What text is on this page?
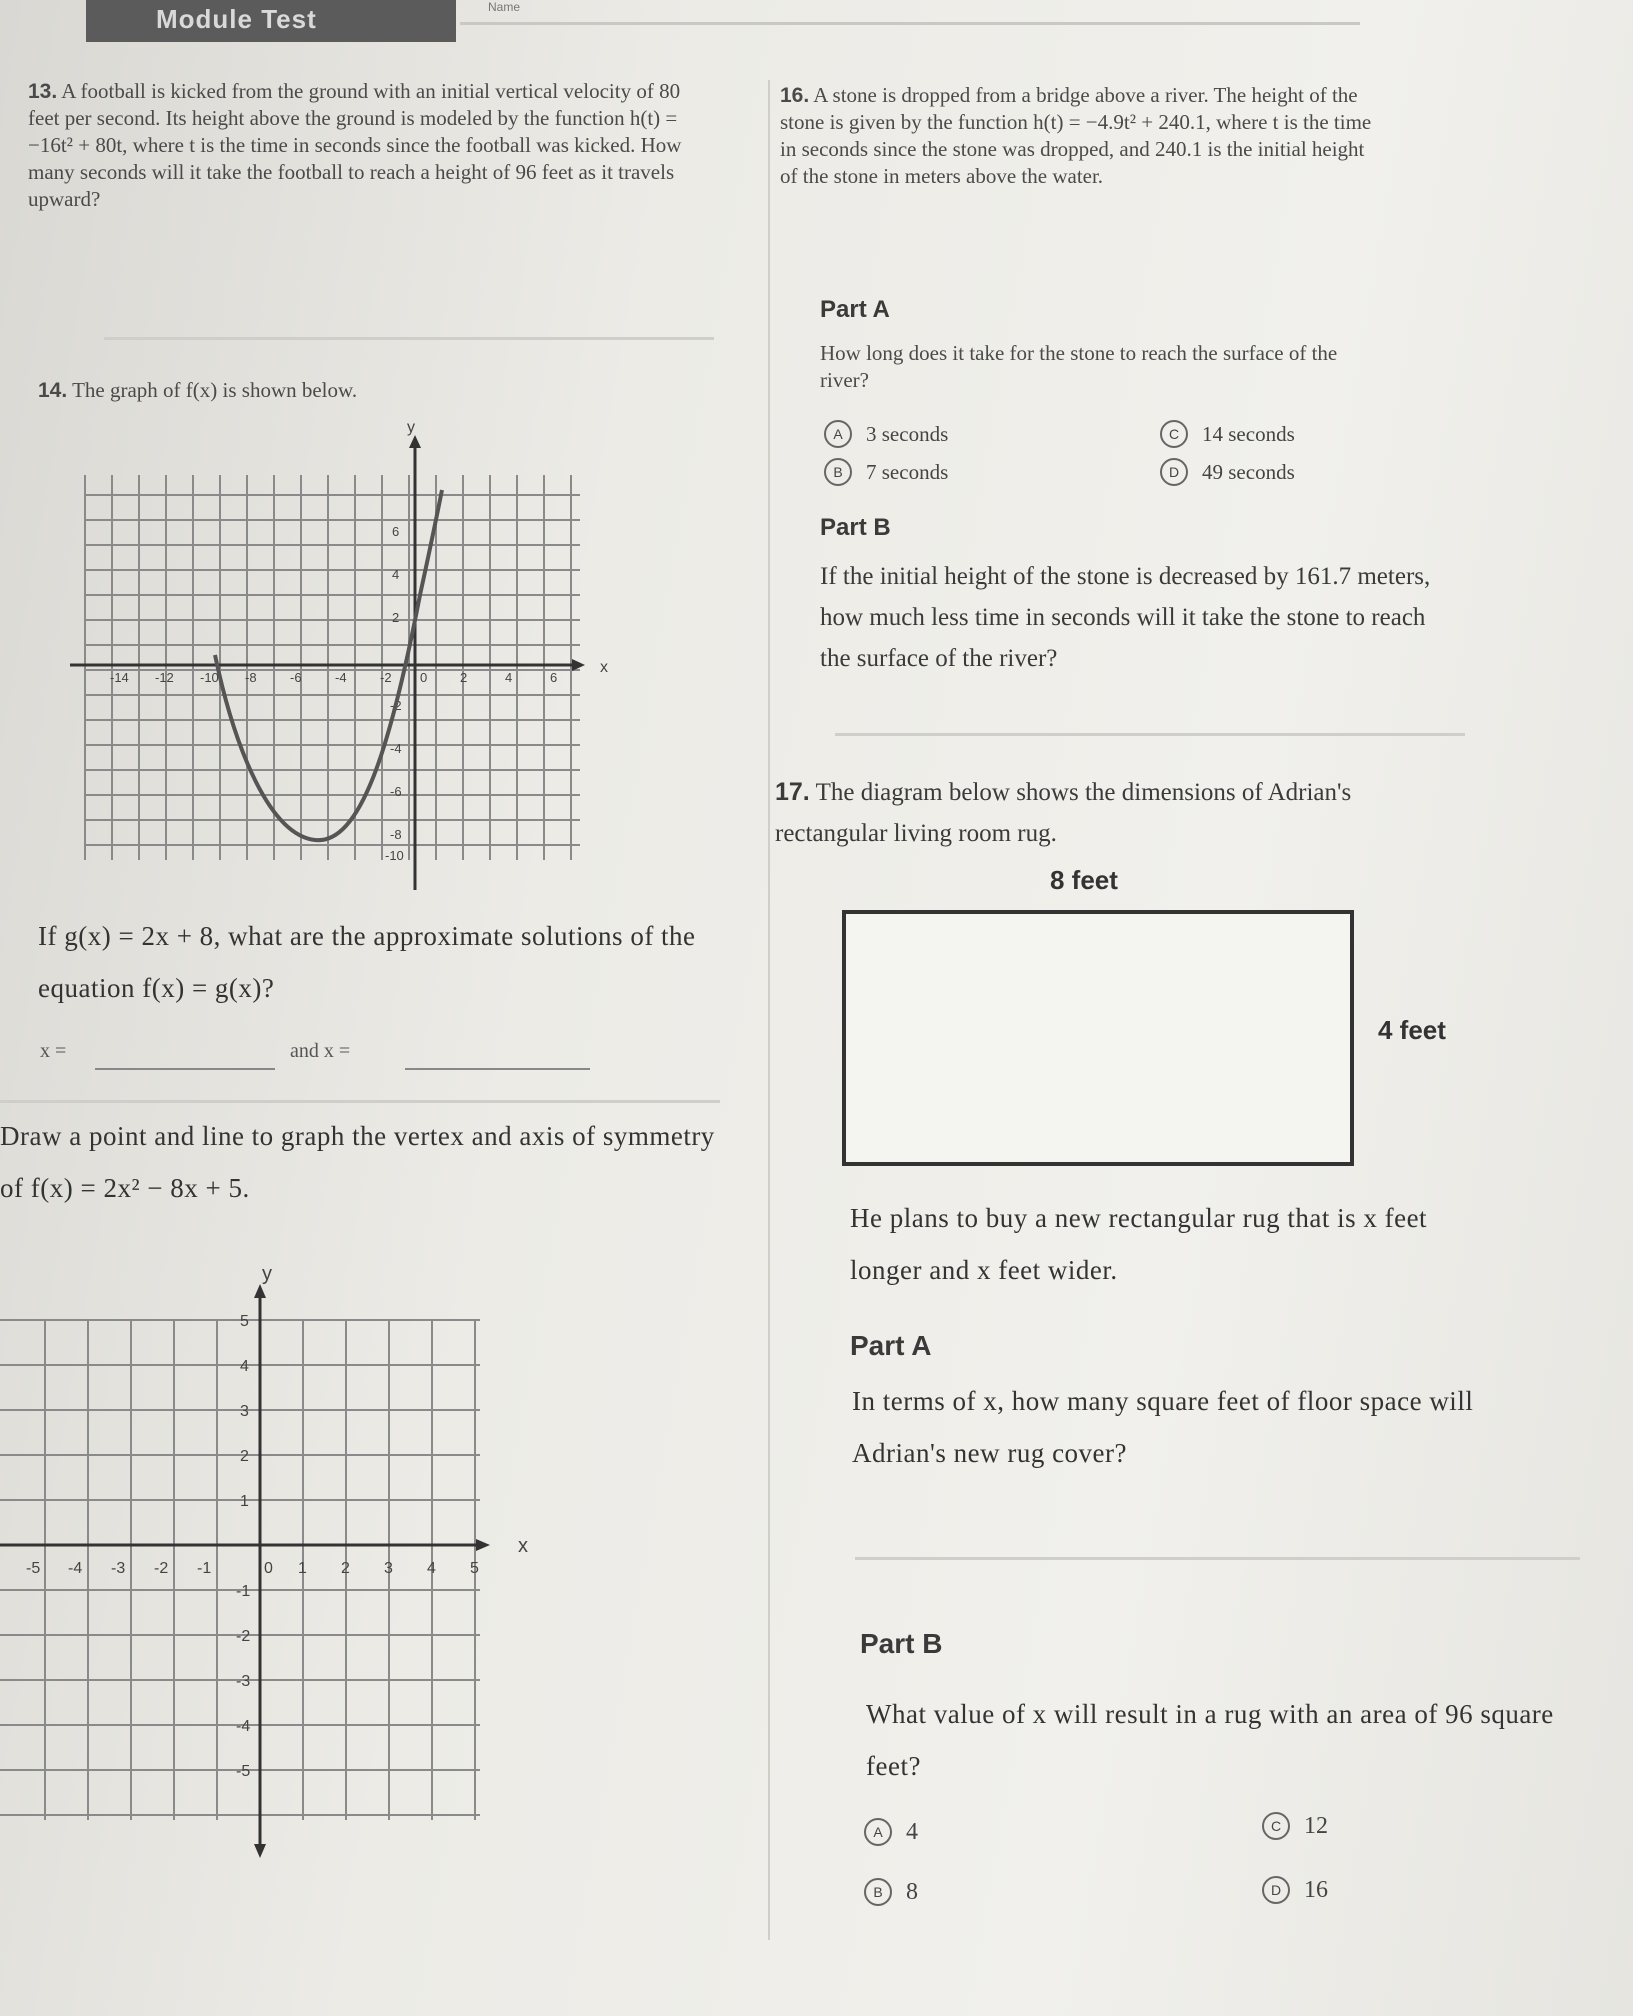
Module Test	Name
13. A football is kicked from the ground with an initial vertical velocity of 80 feet per second. Its height above the ground is modeled by the function h(t) = −16t² + 80t, where t is the time in seconds since the football was kicked. How many seconds will it take the football to reach a height of 96 feet as it travels upward?
14. The graph of f(x) is shown below.
x
y
-14 -12 -10 -8	-6	-4	-2 0	2	4	6
6
4
2
-2
-4
-6
-8
-10
If g(x) = 2x + 8, what are the approximate solutions of the equation f(x) = g(x)?
x =	and x =
Draw a point and line to graph the vertex and axis of symmetry of f(x) = 2x² − 8x + 5.
x
y
-5 -4 -3 -2 -1	0 1 2 3 4 5
5
4
3
2
1
-1
-2
-3
-4
-5
16. A stone is dropped from a bridge above a river. The height of the stone is given by the function h(t) = −4.9t² + 240.1, where t is the time in seconds since the stone was dropped, and 240.1 is the initial height of the stone in meters above the water.
Part A
How long does it take for the stone to reach the surface of the river?
A	3 seconds	C	14 seconds
B	7 seconds	D	49 seconds
Part B
If the initial height of the stone is decreased by 161.7 meters, how much less time in seconds will it take the stone to reach the surface of the river?
17. The diagram below shows the dimensions of Adrian's rectangular living room rug.
8 feet
4 feet
He plans to buy a new rectangular rug that is x feet longer and x feet wider.
Part A
In terms of x, how many square feet of floor space will Adrian's new rug cover?
Part B
What value of x will result in a rug with an area of 96 square feet?
A 4	C 12
B 8	D 16
